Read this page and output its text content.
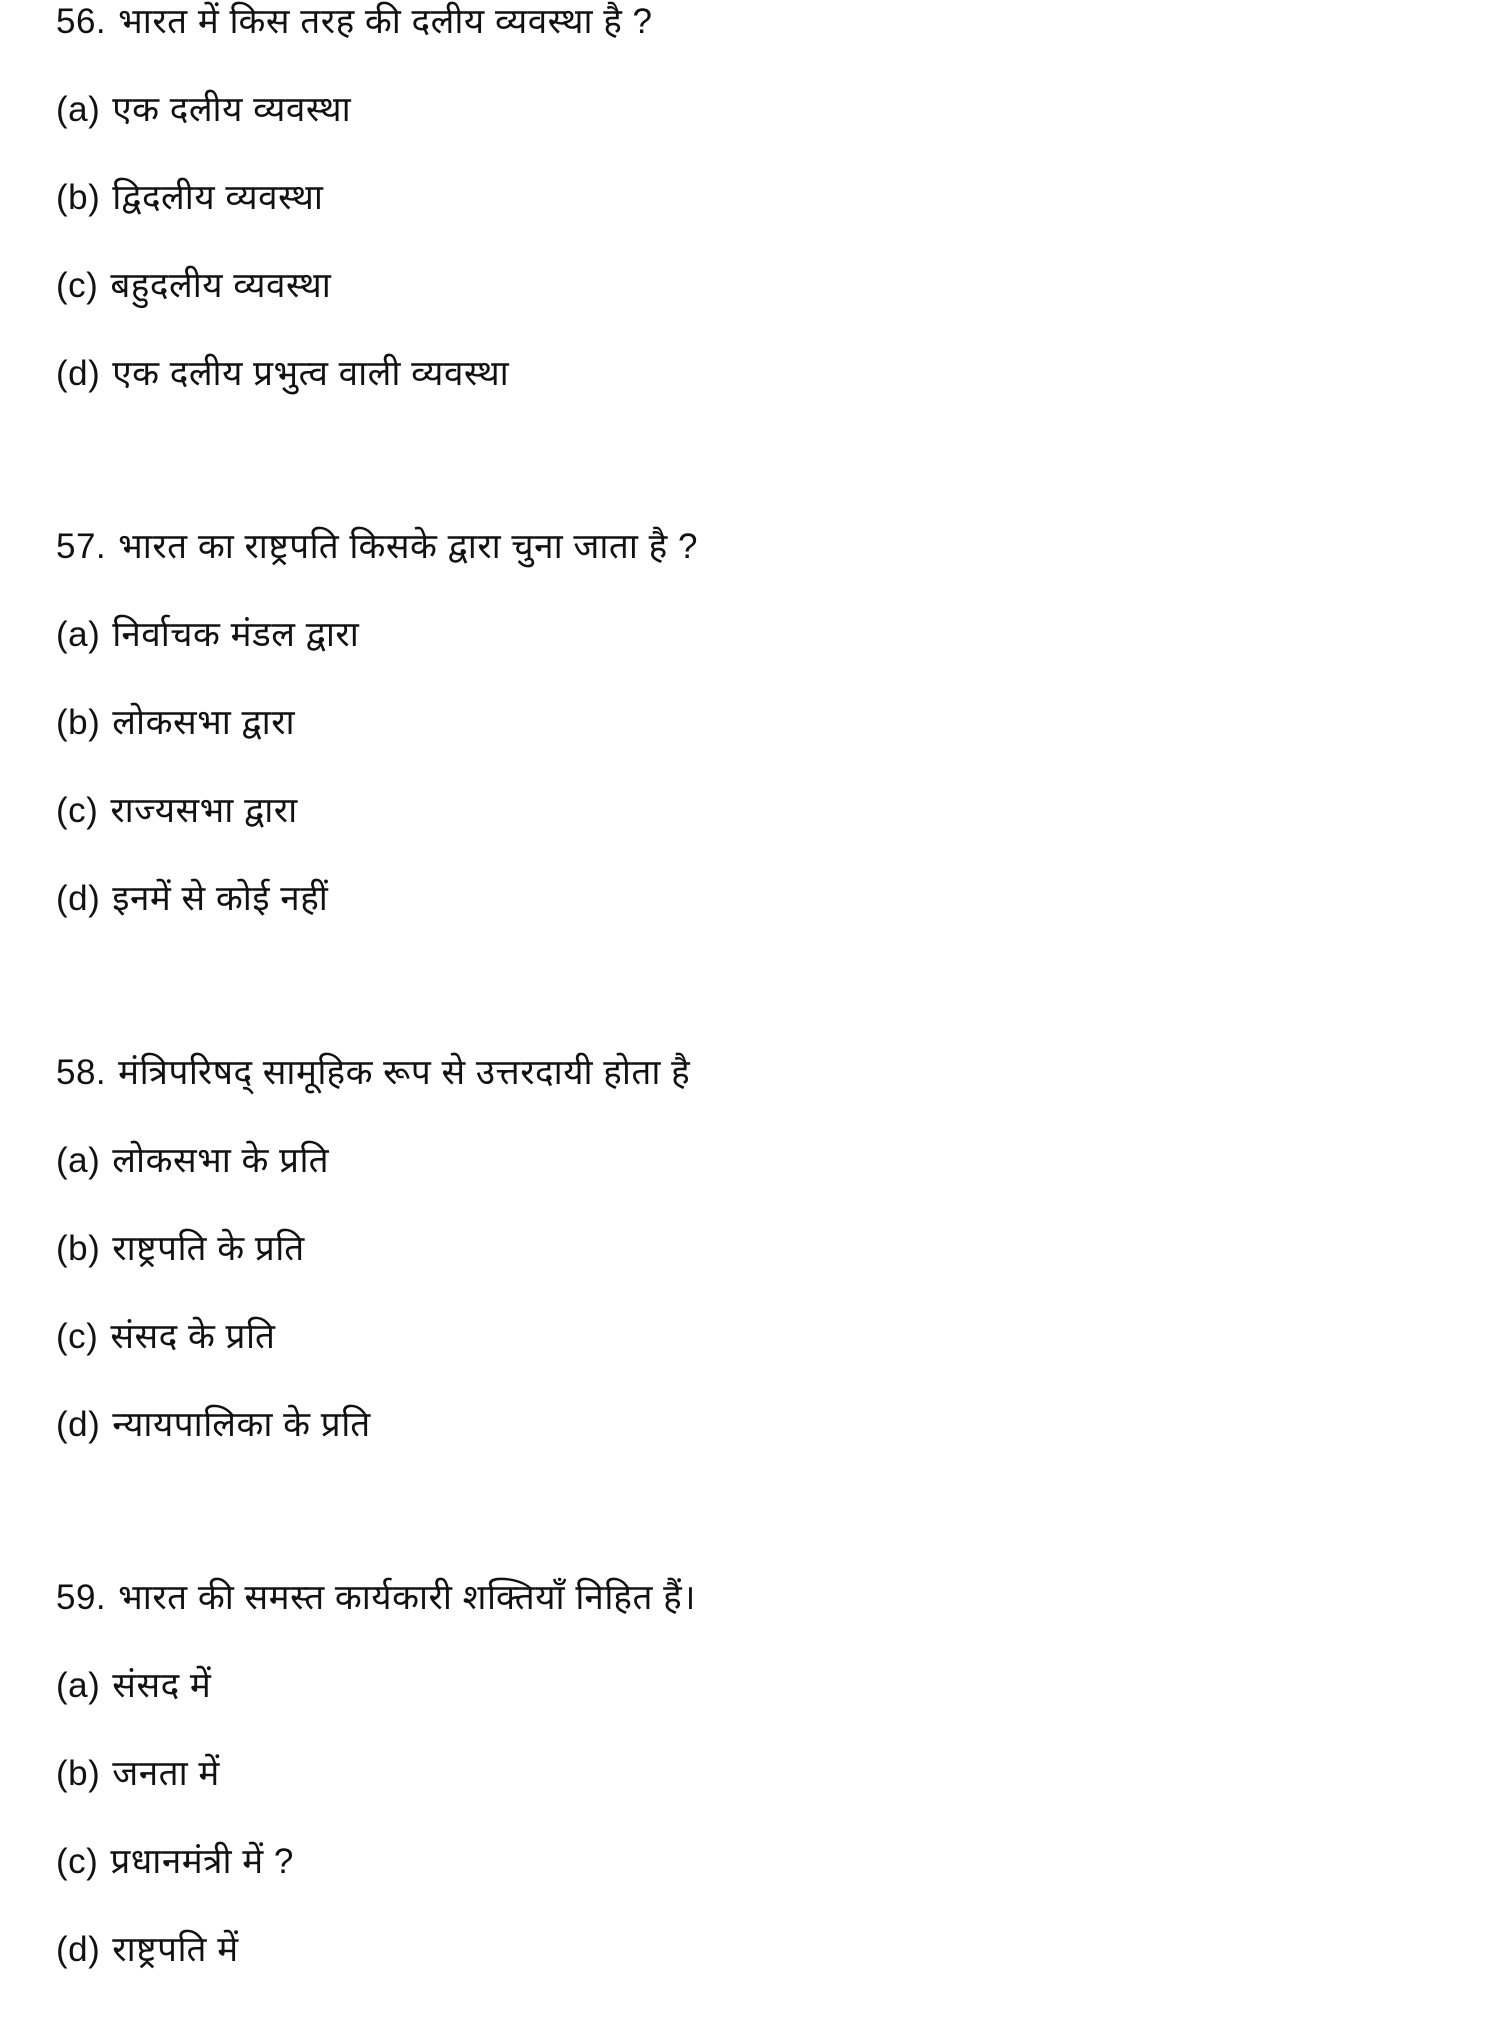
56. भारत में किस तरह की दलीय व्यवस्था है ?
(a) एक दलीय व्यवस्था
(b) द्विदलीय व्यवस्था
(c) बहुदलीय व्यवस्था
(d) एक दलीय प्रभुत्व वाली व्यवस्था
57. भारत का राष्ट्रपति किसके द्वारा चुना जाता है ?
(a) निर्वाचक मंडल द्वारा
(b) लोकसभा द्वारा
(c) राज्यसभा द्वारा
(d) इनमें से कोई नहीं
58. मंत्रिपरिषद् सामूहिक रूप से उत्तरदायी होता है
(a) लोकसभा के प्रति
(b) राष्ट्रपति के प्रति
(c) संसद के प्रति
(d) न्यायपालिका के प्रति
59. भारत की समस्त कार्यकारी शक्तियाँ निहित हैं।
(a) संसद में
(b) जनता में
(c) प्रधानमंत्री में ?
(d) राष्ट्रपति में
